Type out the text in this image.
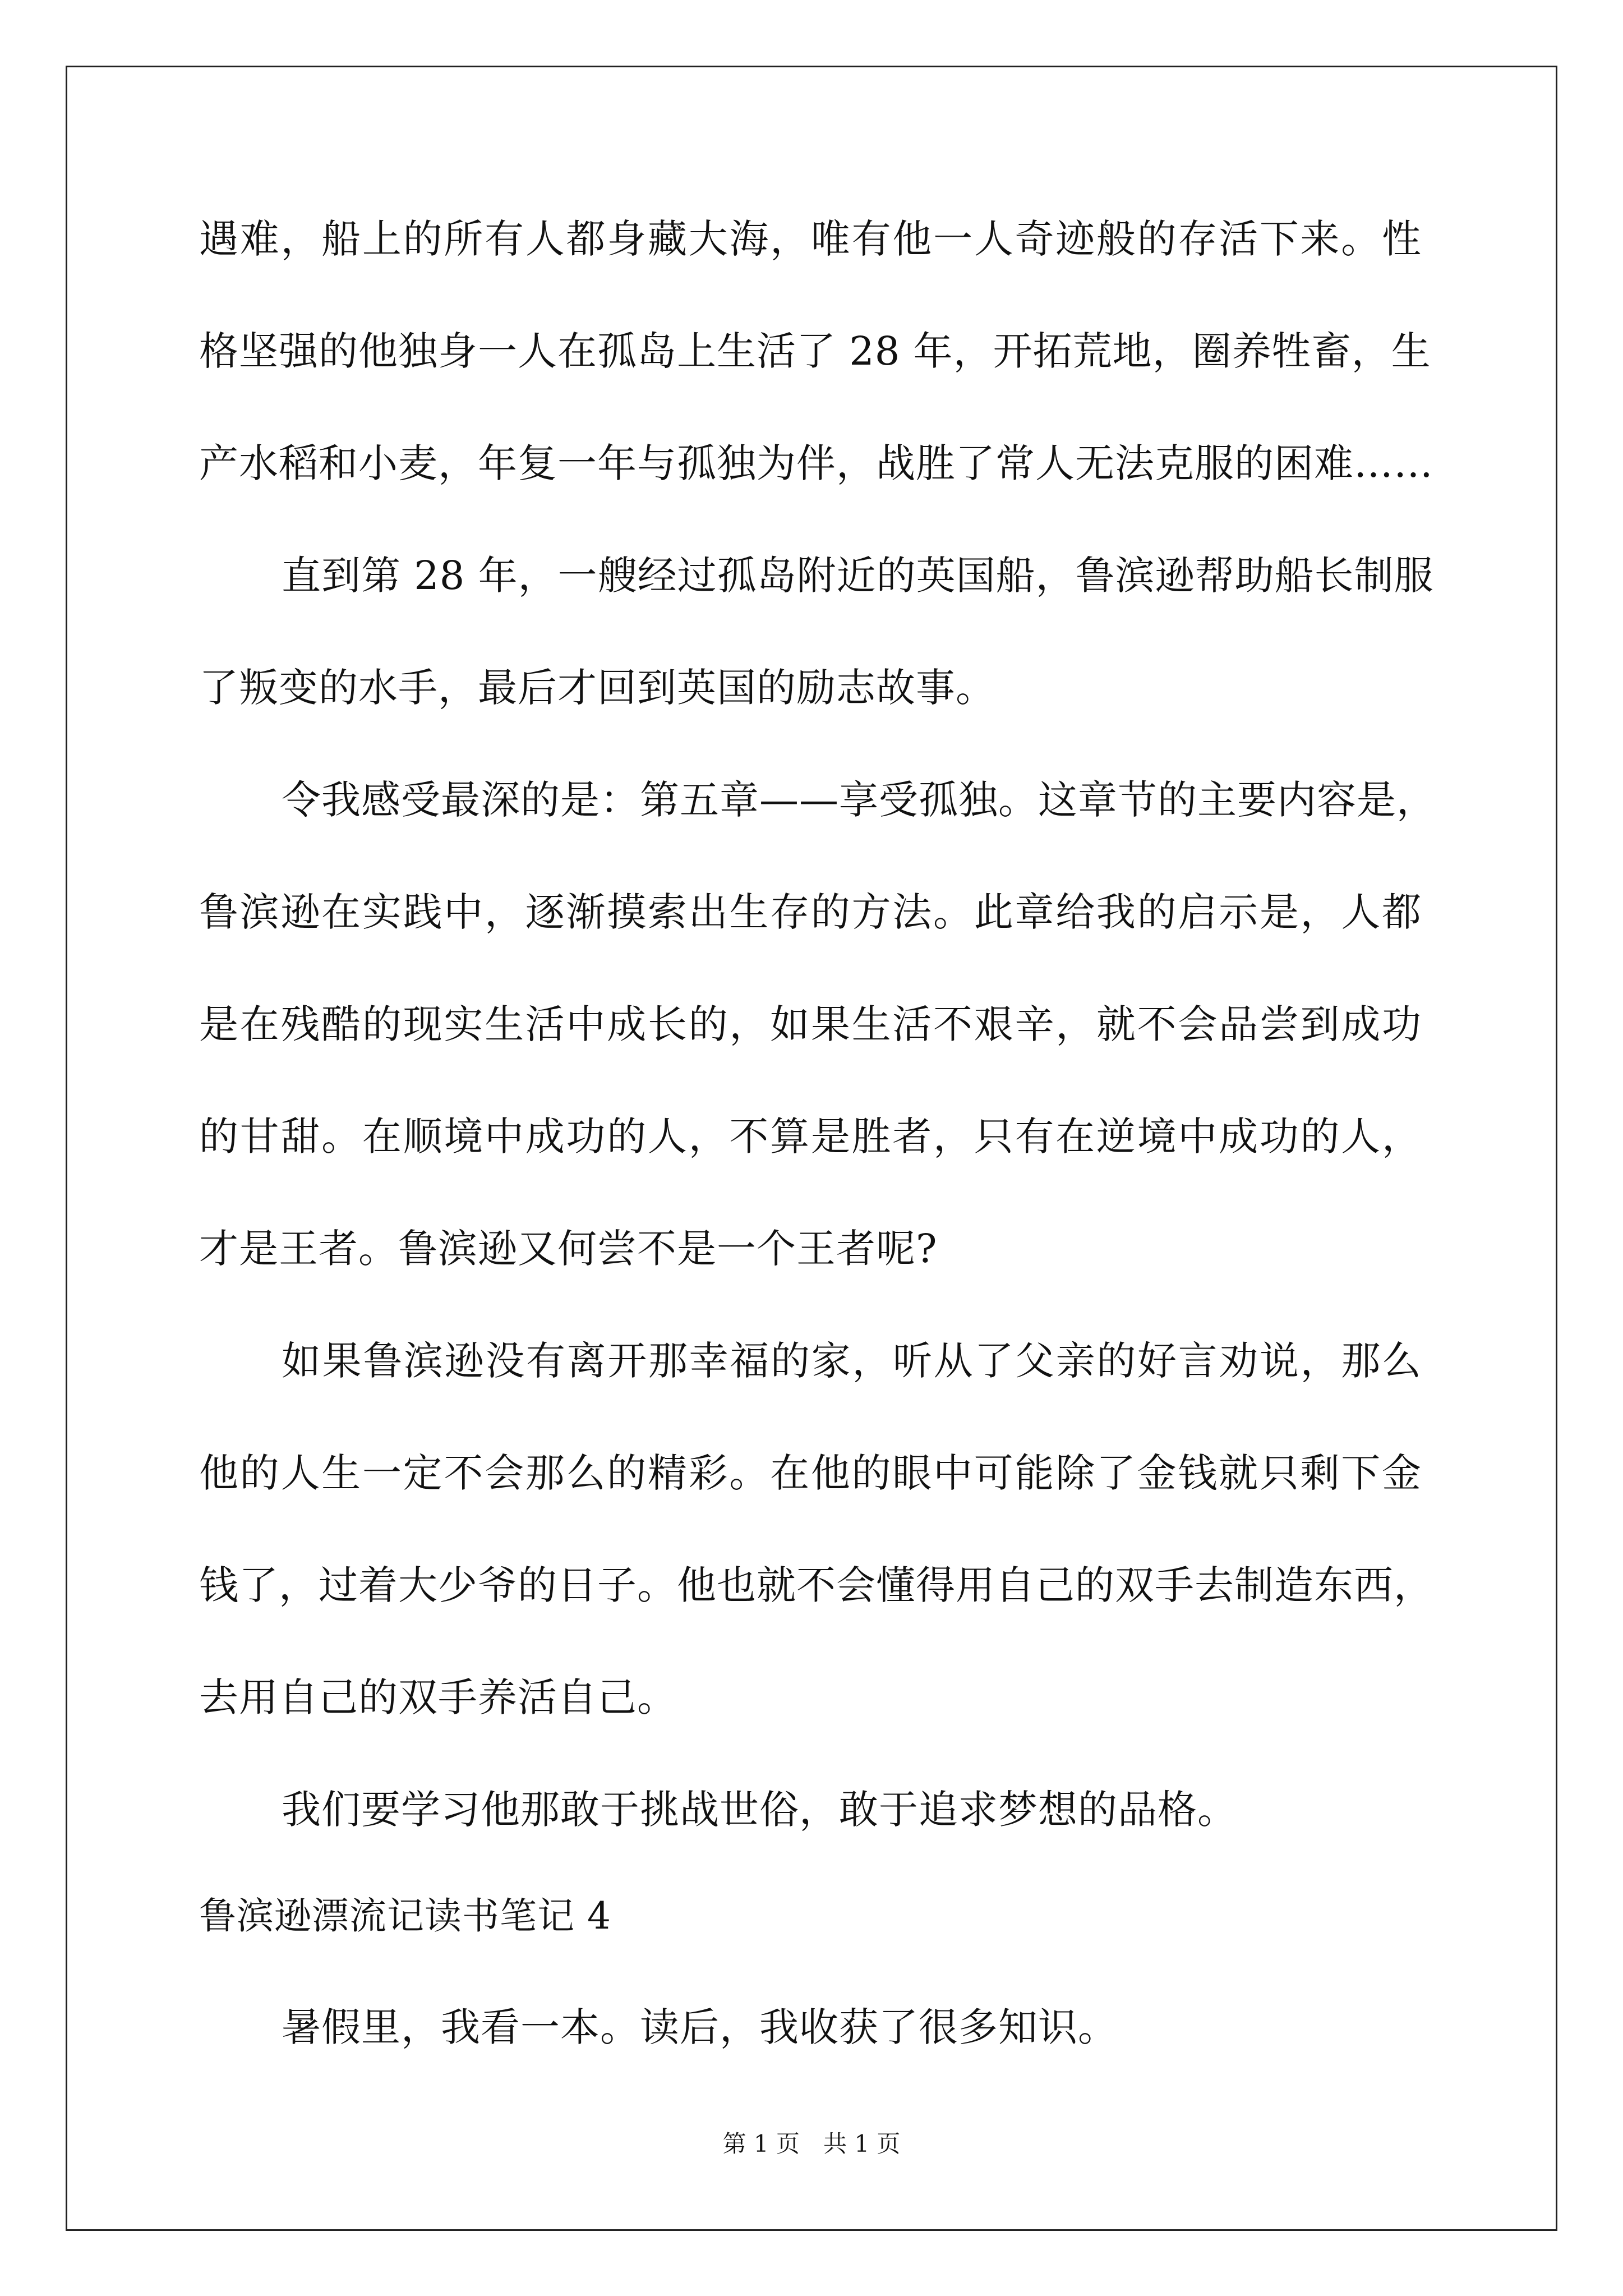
遇难，船上的所有人都身藏大海，唯有他一人奇迹般的存活下来。性
格坚强的他独身一人在孤岛上生活了 28 年，开拓荒地，圈养牲畜，生
产水稻和小麦，年复一年与孤独为伴，战胜了常人无法克服的困难……
直到第 28 年，一艘经过孤岛附近的英国船，鲁滨逊帮助船长制服
了叛变的水手，最后才回到英国的励志故事。
令我感受最深的是：第五章——享受孤独。这章节的主要内容是，
鲁滨逊在实践中，逐渐摸索出生存的方法。此章给我的启示是，人都
是在残酷的现实生活中成长的，如果生活不艰辛，就不会品尝到成功
的甘甜。在顺境中成功的人，不算是胜者，只有在逆境中成功的人，
才是王者。鲁滨逊又何尝不是一个王者呢?
如果鲁滨逊没有离开那幸福的家，听从了父亲的好言劝说，那么
他的人生一定不会那么的精彩。在他的眼中可能除了金钱就只剩下金
钱了，过着大少爷的日子。他也就不会懂得用自己的双手去制造东西，
去用自己的双手养活自己。
我们要学习他那敢于挑战世俗，敢于追求梦想的品格。
鲁滨逊漂流记读书笔记 4
暑假里，我看一本。读后，我收获了很多知识。
第 1 页　共 1 页
